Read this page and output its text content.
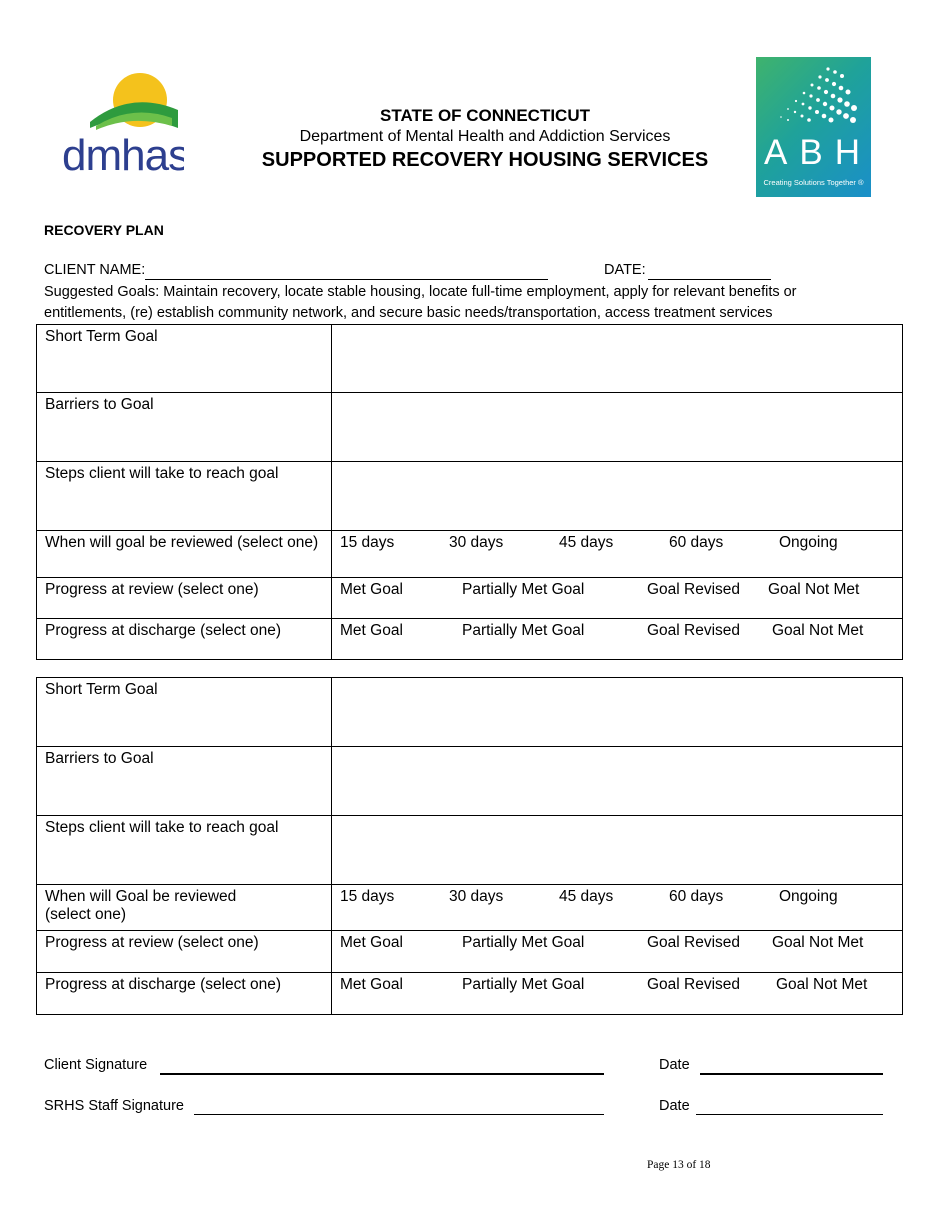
dmhas	ABH
Creating Solutions Together ®
STATE OF CONNECTICUT
Department of Mental Health and Addiction Services
SUPPORTED RECOVERY HOUSING SERVICES
RECOVERY PLAN
CLIENT NAME:	DATE:
Suggested Goals: Maintain recovery, locate stable housing, locate full-time employment, apply for relevant benefits or
entitlements, (re) establish community network, and secure basic needs/transportation, access treatment services
Short Term Goal	
Barriers to Goal	
Steps client will take to reach goal	
When will goal be reviewed (select one)	15 days 30 days 45 days 60 days Ongoing

Progress at review (select one)	Met Goal Partially Met Goal Goal Revised Goal Not Met

Progress at discharge (select one)	Met Goal Partially Met Goal Goal Revised Goal Not Met
Short Term Goal	
Barriers to Goal	
Steps client will take to reach goal	
When will Goal be reviewed
(select one)	15 days 30 days 45 days 60 days Ongoing

Progress at review (select one)	Met Goal Partially Met Goal Goal Revised Goal Not Met

Progress at discharge (select one)	Met Goal Partially Met Goal Goal Revised Goal Not Met
Client Signature	Date
SRHS Staff Signature	Date
Page 13 of 18
